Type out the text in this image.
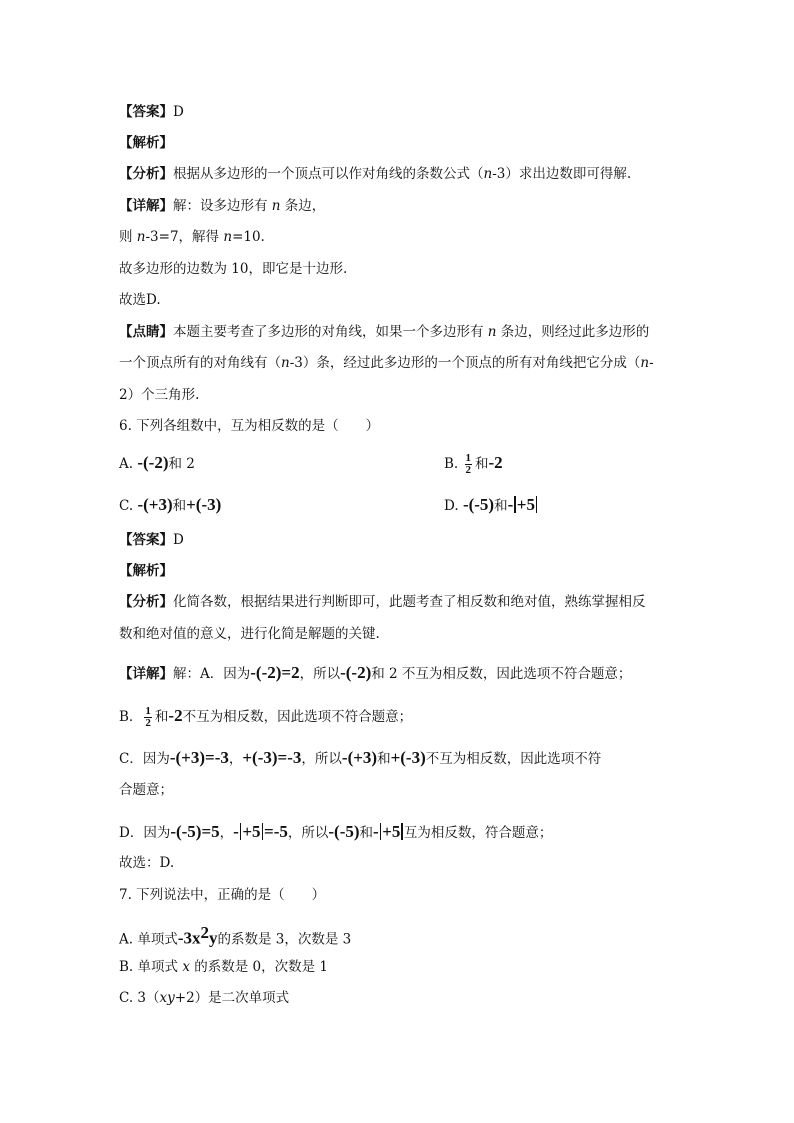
【答案】D
【解析】
【分析】根据从多边形的一个顶点可以作对角线的条数公式（n-3）求出边数即可得解.
【详解】解：设多边形有 n 条边，
则 n-3=7，解得 n=10.
故多边形的边数为 10，即它是十边形.
故选D.
【点睛】本题主要考查了多边形的对角线，如果一个多边形有 n 条边，则经过此多边形的
一个顶点所有的对角线有（n-3）条，经过此多边形的一个顶点的所有对角线把它分成（n-
2）个三角形.
6. 下列各组数中，互为相反数的是（　　）
A. -(-2)和 2	B. $\frac{1}{2}$ 和-2
C. -(+3)和+(-3)	D. -(-5)和- +5
【答案】D
【解析】
【分析】化简各数，根据结果进行判断即可，此题考查了相反数和绝对值，熟练掌握相反
数和绝对值的意义，进行化简是解题的关键.
【详解】解：A．因为-(-2)=2，所以-(-2)和 2 不互为相反数，因此选项不符合题意；
B． $\frac{1}{2}$ 和-2不互为相反数，因此选项不符合题意；
C．因为-(+3)=-3，+(-3)=-3，所以-(+3)和+(-3)不互为相反数，因此选项不符
合题意；
D．因为-(-5)=5，- +5 =-5，所以-(-5)和- +5 互为相反数，符合题意；
故选：D.
7. 下列说法中，正确的是（　　）
A. 单项式$-3x^2y$的系数是 3，次数是 3
B. 单项式 x 的系数是 0，次数是 1
C. 3（xy+2）是二次单项式
